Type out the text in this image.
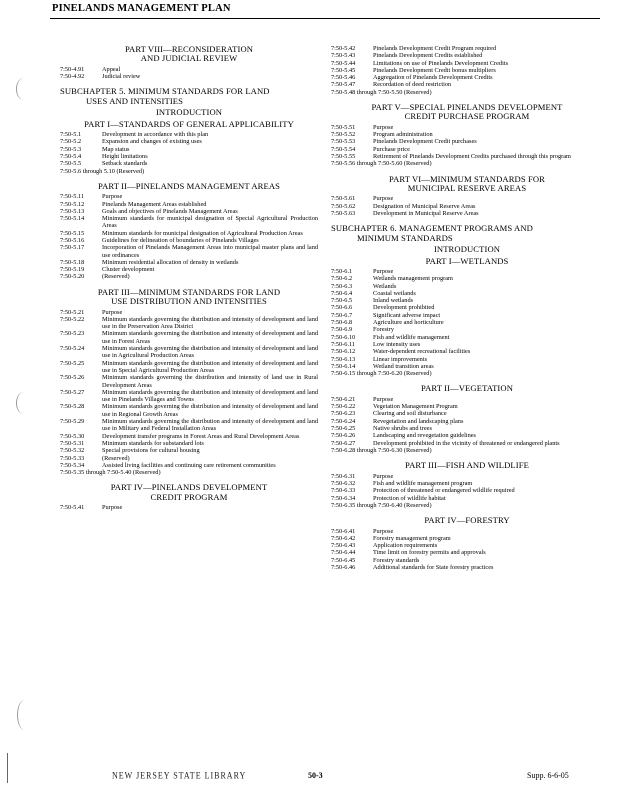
PINELANDS MANAGEMENT PLAN
PART VIII—RECONSIDERATION
AND JUDICIAL REVIEW
7:50-4.91	Appeal
7:50-4.92	Judicial review
SUBCHAPTER 5. MINIMUM STANDARDS FOR LAND
USES AND INTENSITIES
INTRODUCTION
PART I—STANDARDS OF GENERAL APPLICABILITY
7:50-5.1	Development in accordance with this plan
7:50-5.2	Expansion and changes of existing uses
7:50-5.3	Map status
7:50-5.4	Height limitations
7:50-5.5	Setback standards
7:50-5.6 through 5.10 (Reserved)
PART II—PINELANDS MANAGEMENT AREAS
7:50-5.11	Purpose
7:50-5.12	Pinelands Management Areas established
7:50-5.13	Goals and objectives of Pinelands Management Areas
7:50-5.14	Minimum standards for municipal designation of Special Agricultural Production Areas
7:50-5.15	Minimum standards for municipal designation of Agricultural Production Areas
7:50-5.16	Guidelines for delineation of boundaries of Pinelands Villages
7:50-5.17	Incorporation of Pinelands Management Areas into municipal master plans and land use ordinances
7:50-5.18	Minimum residential allocation of density in wetlands
7:50-5.19	Cluster development
7:50-5.20	(Reserved)
PART III—MINIMUM STANDARDS FOR LAND
USE DISTRIBUTION AND INTENSITIES
7:50-5.21	Purpose
7:50-5.22	Minimum standards governing the distribution and intensity of development and land use in the Preservation Area District
7:50-5.23	Minimum standards governing the distribution and intensity of development and land use in Forest Areas
7:50-5.24	Minimum standards governing the distribution and intensity of development and land use in Agricultural Production Areas
7:50-5.25	Minimum standards governing the distribution and intensity of development and land use in Special Agricultural Production Areas
7:50-5.26	Minimum standards governing the distribution and intensity of land use in Rural Development Areas
7:50-5.27	Minimum standards governing the distribution and intensity of development and land use in Pinelands Villages and Towns
7:50-5.28	Minimum standards governing the distribution and intensity of development and land use in Regional Growth Areas
7:50-5.29	Minimum standards governing the distribution and intensity of development and land use in Military and Federal Installation Areas
7:50-5.30	Development transfer programs in Forest Areas and Rural Development Areas
7:50-5.31	Minimum standards for substandard lots
7:50-5.32	Special provisions for cultural housing
7:50-5.33	(Reserved)
7:50-5.34	Assisted living facilities and continuing care retirement communities
7:50-5.35 through 7:50-5.40 (Reserved)
PART IV—PINELANDS DEVELOPMENT
CREDIT PROGRAM
7:50-5.41	Purpose
7:50-5.42	Pinelands Development Credit Program required
7:50-5.43	Pinelands Development Credits established
7:50-5.44	Limitations on use of Pinelands Development Credits
7:50-5.45	Pinelands Development Credit bonus multipliers
7:50-5.46	Aggregation of Pinelands Development Credits
7:50-5.47	Recordation of deed restriction
7:50-5.48 through 7:50-5.50 (Reserved)
PART V—SPECIAL PINELANDS DEVELOPMENT
CREDIT PURCHASE PROGRAM
7:50-5.51	Purpose
7:50-5.52	Program administration
7:50-5.53	Pinelands Development Credit purchases
7:50-5.54	Purchase price
7:50-5.55	Retirement of Pinelands Development Credits purchased through this program
7:50-5.56 through 7:50-5.60 (Reserved)
PART VI—MINIMUM STANDARDS FOR
MUNICIPAL RESERVE AREAS
7:50-5.61	Purpose
7:50-5.62	Designation of Municipal Reserve Areas
7:50-5.63	Development in Municipal Reserve Areas
SUBCHAPTER 6. MANAGEMENT PROGRAMS AND
MINIMUM STANDARDS
INTRODUCTION
PART I—WETLANDS
7:50-6.1	Purpose
7:50-6.2	Wetlands management program
7:50-6.3	Wetlands
7:50-6.4	Coastal wetlands
7:50-6.5	Inland wetlands
7:50-6.6	Development prohibited
7:50-6.7	Significant adverse impact
7:50-6.8	Agriculture and horticulture
7:50-6.9	Forestry
7:50-6.10	Fish and wildlife management
7:50-6.11	Low intensity uses
7:50-6.12	Water-dependent recreational facilities
7:50-6.13	Linear improvements
7:50-6.14	Wetland transition areas
7:50-6.15 through 7:50-6.20 (Reserved)
PART II—VEGETATION
7:50-6.21	Purpose
7:50-6.22	Vegetation Management Program
7:50-6.23	Clearing and soil disturbance
7:50-6.24	Revegetation and landscaping plans
7:50-6.25	Native shrubs and trees
7:50-6.26	Landscaping and revegetation guidelines
7:50-6.27	Development prohibited in the vicinity of threatened or endangered plants
7:50-6.28 through 7:50-6.30 (Reserved)
PART III—FISH AND WILDLIFE
7:50-6.31	Purpose
7:50-6.32	Fish and wildlife management program
7:50-6.33	Protection of threatened or endangered wildlife required
7:50-6.34	Protection of wildlife habitat
7:50-6.35 through 7:50-6.40 (Reserved)
PART IV—FORESTRY
7:50-6.41	Purpose
7:50-6.42	Forestry management program
7:50-6.43	Application requirements
7:50-6.44	Time limit on forestry permits and approvals
7:50-6.45	Forestry standards
7:50-6.46	Additional standards for State forestry practices
NEW JERSEY STATE LIBRARY	50-3	Supp. 6-6-05
